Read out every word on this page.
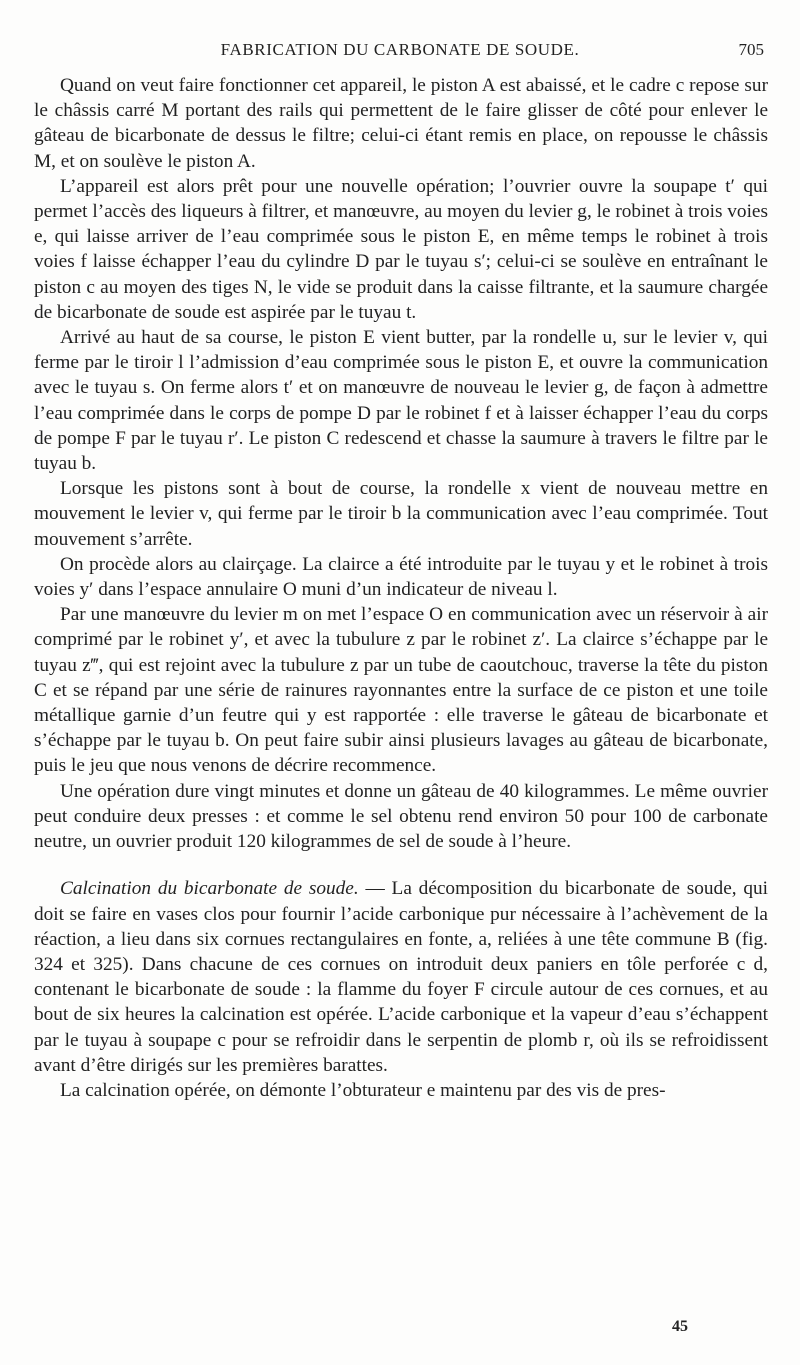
FABRICATION DU CARBONATE DE SOUDE.	705

Quand on veut faire fonctionner cet appareil, le piston A est abaissé, et le cadre c repose sur le châssis carré M portant des rails qui permettent de le faire glisser de côté pour enlever le gâteau de bicarbonate de dessus le filtre; celui-ci étant remis en place, on repousse le châssis M, et on soulève le piston A.

L’appareil est alors prêt pour une nouvelle opération; l’ouvrier ouvre la soupape t′ qui permet l’accès des liqueurs à filtrer, et manœuvre, au moyen du levier g, le robinet à trois voies e, qui laisse arriver de l’eau comprimée sous le piston E, en même temps le robinet à trois voies f laisse échapper l’eau du cylindre D par le tuyau s′; celui-ci se soulève en entraînant le piston c au moyen des tiges N, le vide se produit dans la caisse filtrante, et la saumure chargée de bicarbonate de soude est aspirée par le tuyau t.

Arrivé au haut de sa course, le piston E vient butter, par la rondelle u, sur le levier v, qui ferme par le tiroir l l’admission d’eau comprimée sous le piston E, et ouvre la communication avec le tuyau s. On ferme alors t′ et on manœuvre de nouveau le levier g, de façon à admettre l’eau comprimée dans le corps de pompe D par le robinet f et à laisser échapper l’eau du corps de pompe F par le tuyau r′. Le piston C redescend et chasse la saumure à travers le filtre par le tuyau b.

Lorsque les pistons sont à bout de course, la rondelle x vient de nouveau mettre en mouvement le levier v, qui ferme par le tiroir b la communication avec l’eau comprimée. Tout mouvement s’arrête.

On procède alors au clairçage. La clairce a été introduite par le tuyau y et le robinet à trois voies y′ dans l’espace annulaire O muni d’un indicateur de niveau l.

Par une manœuvre du levier m on met l’espace O en communication avec un réservoir à air comprimé par le robinet y′, et avec la tubulure z par le robinet z′. La clairce s’échappe par le tuyau z‴, qui est rejoint avec la tubulure z par un tube de caoutchouc, traverse la tête du piston C et se répand par une série de rainures rayonnantes entre la surface de ce piston et une toile métallique garnie d’un feutre qui y est rapportée : elle traverse le gâteau de bicarbonate et s’échappe par le tuyau b. On peut faire subir ainsi plusieurs lavages au gâteau de bicarbonate, puis le jeu que nous venons de décrire recommence.

Une opération dure vingt minutes et donne un gâteau de 40 kilogrammes. Le même ouvrier peut conduire deux presses : et comme le sel obtenu rend environ 50 pour 100 de carbonate neutre, un ouvrier produit 120 kilogrammes de sel de soude à l’heure.

Calcination du bicarbonate de soude. — La décomposition du bicarbonate de soude, qui doit se faire en vases clos pour fournir l’acide carbonique pur nécessaire à l’achèvement de la réaction, a lieu dans six cornues rectangulaires en fonte, a, reliées à une tête commune B (fig. 324 et 325). Dans chacune de ces cornues on introduit deux paniers en tôle perforée c d, contenant le bicarbonate de soude : la flamme du foyer F circule autour de ces cornues, et au bout de six heures la calcination est opérée. L’acide carbonique et la vapeur d’eau s’échappent par le tuyau à soupape c pour se refroidir dans le serpentin de plomb r, où ils se refroidissent avant d’être dirigés sur les premières barattes.

La calcination opérée, on démonte l’obturateur e maintenu par des vis de pres-

45
